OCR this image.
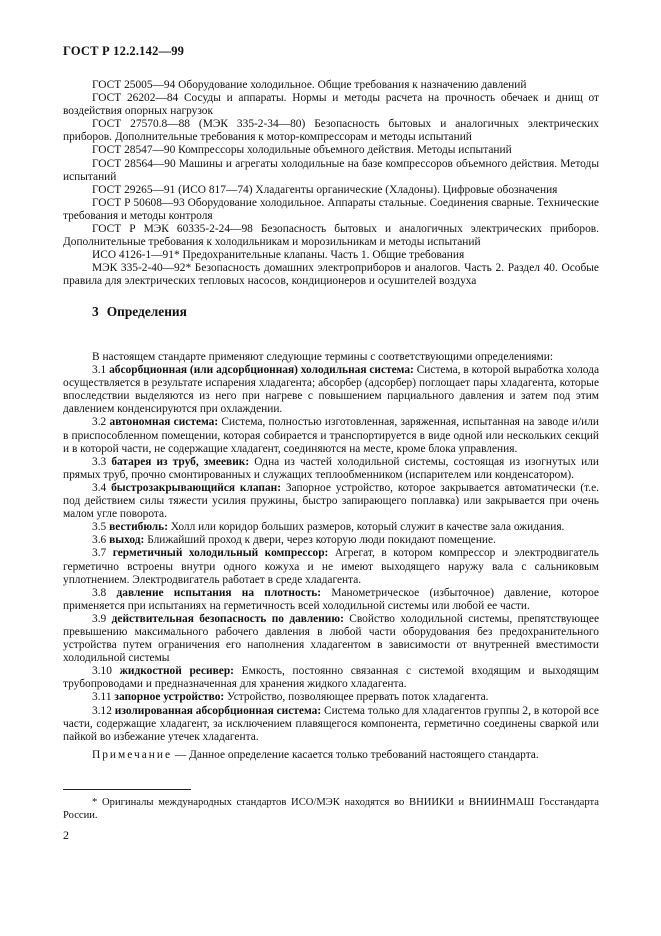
ГОСТ Р 12.2.142—99

ГОСТ 25005—94 Оборудование холодильное. Общие требования к назначению давлений

ГОСТ 26202—84 Сосуды и аппараты. Нормы и методы расчета на прочность обечаек и днищ от воздействия опорных нагрузок

ГОСТ 27570.8—88 (МЭК 335-2-34—80) Безопасность бытовых и аналогичных электрических приборов. Дополнительные требования к мотор-компрессорам и методы испытаний

ГОСТ 28547—90 Компрессоры холодильные объемного действия. Методы испытаний

ГОСТ 28564—90 Машины и агрегаты холодильные на базе компрессоров объемного действия. Методы испытаний

ГОСТ 29265—91 (ИСО 817—74) Хладагенты органические (Хладоны). Цифровые обозначения

ГОСТ Р 50608—93 Оборудование холодильное. Аппараты стальные. Соединения сварные. Технические требования и методы контроля

ГОСТ Р МЭК 60335-2-24—98 Безопасность бытовых и аналогичных электрических приборов. Дополнительные требования к холодильникам и морозильникам и методы испытаний

ИСО 4126-1—91* Предохранительные клапаны. Часть 1. Общие требования

МЭК 335-2-40—92* Безопасность домашних электроприборов и аналогов. Часть 2. Раздел 40. Особые правила для электрических тепловых насосов, кондиционеров и осушителей воздуха

3 Определения

В настоящем стандарте применяют следующие термины с соответствующими определениями:

3.1 абсорбционная (или адсорбционная) холодильная система: Система, в которой выработка холода осуществляется в результате испарения хладагента; абсорбер (адсорбер) поглощает пары хладагента, которые впоследствии выделяются из него при нагреве с повышением парциального давления и затем под этим давлением конденсируются при охлаждении.

3.2 автономная система: Система, полностью изготовленная, заряженная, испытанная на заводе и/или в приспособленном помещении, которая собирается и транспортируется в виде одной или нескольких секций и в которой части, не содержащие хладагент, соединяются на месте, кроме блока управления.

3.3 батарея из труб, змеевик: Одна из частей холодильной системы, состоящая из изогнутых или прямых труб, прочно смонтированных и служащих теплообменником (испарителем или конденсатором).

3.4 быстрозакрывающийся клапан: Запорное устройство, которое закрывается автоматически (т.е. под действием силы тяжести усилия пружины, быстро запирающего поплавка) или закрывается при очень малом угле поворота.

3.5 вестибюль: Холл или коридор больших размеров, который служит в качестве зала ожидания.

3.6 выход: Ближайший проход к двери, через которую люди покидают помещение.

3.7 герметичный холодильный компрессор: Агрегат, в котором компрессор и электродвигатель герметично встроены внутри одного кожуха и не имеют выходящего наружу вала с сальниковым уплотнением. Электродвигатель работает в среде хладагента.

3.8 давление испытания на плотность: Манометрическое (избыточное) давление, которое применяется при испытаниях на герметичность всей холодильной системы или любой ее части.

3.9 действительная безопасность по давлению: Свойство холодильной системы, препятствующее превышению максимального рабочего давления в любой части оборудования без предохранительного устройства путем ограничения его наполнения хладагентом в зависимости от внутренней вместимости холодильной системы

3.10 жидкостной ресивер: Емкость, постоянно связанная с системой входящим и выходящим трубопроводами и предназначенная для хранения жидкого хладагента.

3.11 запорное устройство: Устройство, позволяющее прервать поток хладагента.

3.12 изолированная абсорбционная система: Система только для хладагентов группы 2, в которой все части, содержащие хладагент, за исключением плавящегося компонента, герметично соединены сваркой или пайкой во избежание утечек хладагента.

Примечание — Данное определение касается только требований настоящего стандарта.

* Оригиналы международных стандартов ИСО/МЭК находятся во ВНИИКИ и ВНИИНМАШ Госстандарта России.
2
